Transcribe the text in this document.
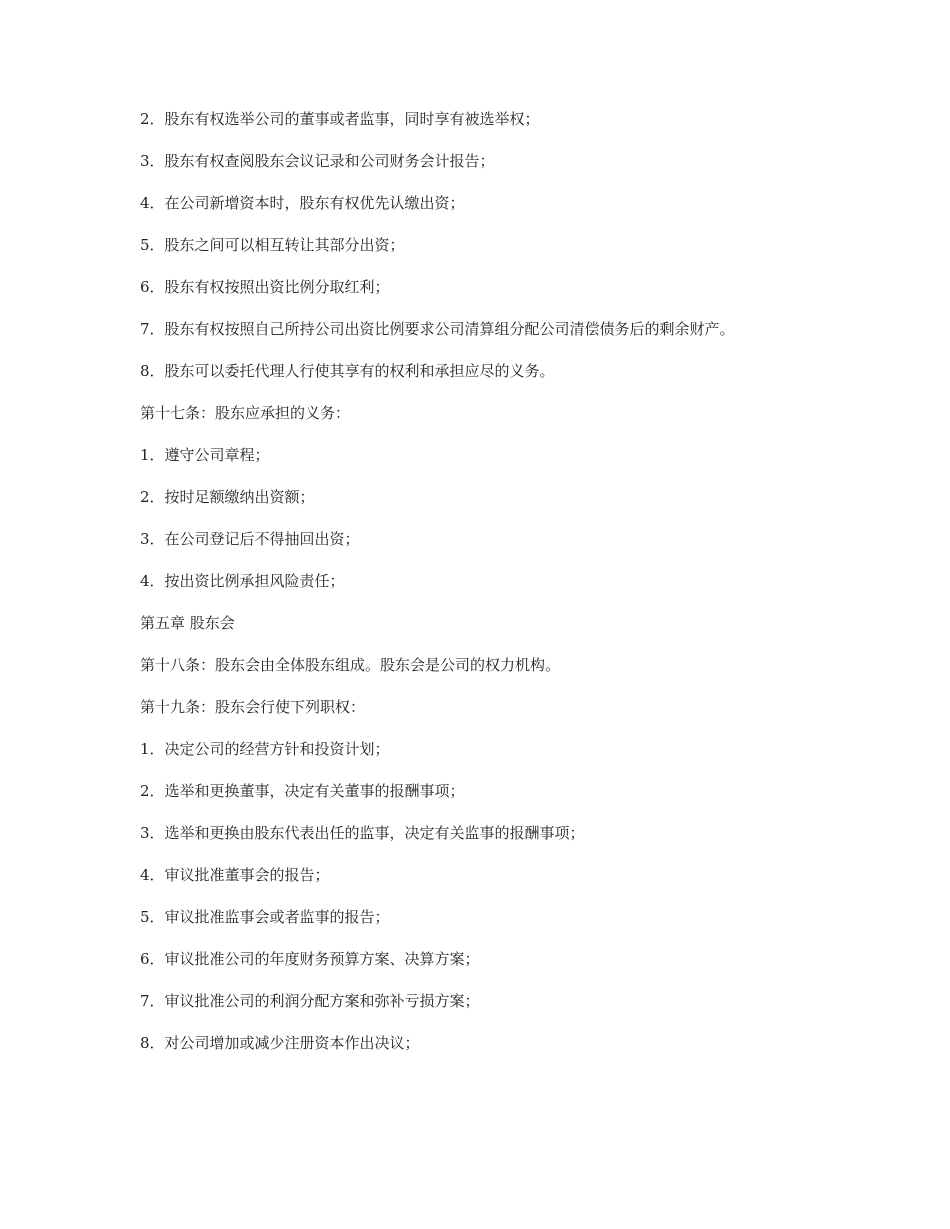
2．股东有权选举公司的董事或者监事，同时享有被选举权；

3．股东有权查阅股东会议记录和公司财务会计报告；

4．在公司新增资本时，股东有权优先认缴出资；

5．股东之间可以相互转让其部分出资；

6．股东有权按照出资比例分取红利；

7．股东有权按照自己所持公司出资比例要求公司清算组分配公司清偿债务后的剩余财产。

8．股东可以委托代理人行使其享有的权利和承担应尽的义务。

第十七条：股东应承担的义务：

1．遵守公司章程；

2．按时足额缴纳出资额；

3．在公司登记后不得抽回出资；

4．按出资比例承担风险责任；

第五章 股东会

第十八条：股东会由全体股东组成。股东会是公司的权力机构。

第十九条：股东会行使下列职权：

1．决定公司的经营方针和投资计划；

2．选举和更换董事，决定有关董事的报酬事项；

3．选举和更换由股东代表出任的监事，决定有关监事的报酬事项；

4．审议批准董事会的报告；

5．审议批准监事会或者监事的报告；

6．审议批准公司的年度财务预算方案、决算方案；

7．审议批准公司的利润分配方案和弥补亏损方案；

8．对公司增加或减少注册资本作出决议；
